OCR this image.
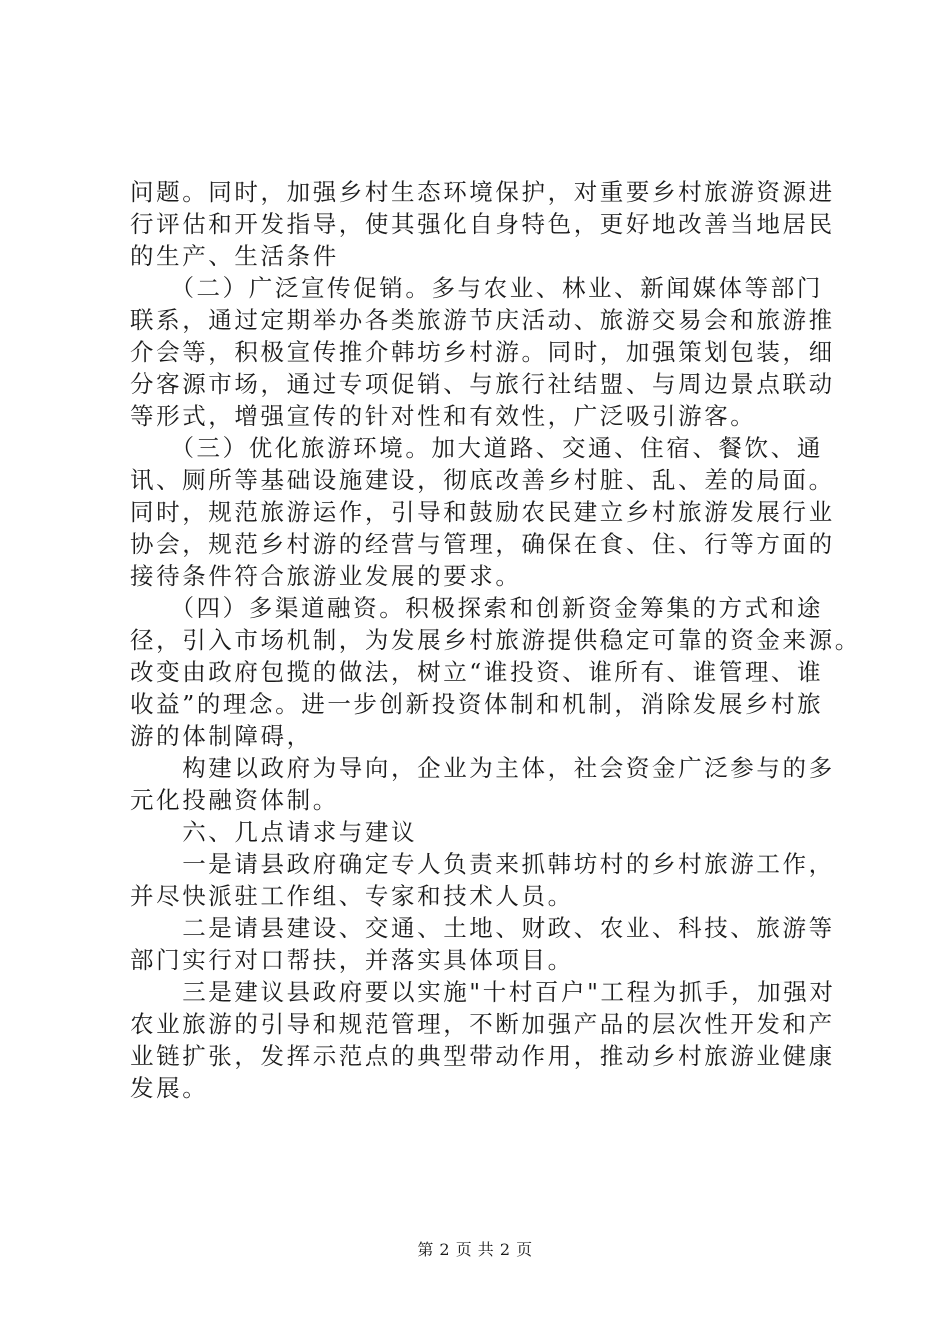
问题。同时，加强乡村生态环境保护，对重要乡村旅游资源进
行评估和开发指导，使其强化自身特色，更好地改善当地居民
的生产、生活条件
　　（二）广泛宣传促销。多与农业、林业、新闻媒体等部门
联系，通过定期举办各类旅游节庆活动、旅游交易会和旅游推
介会等，积极宣传推介韩坊乡村游。同时，加强策划包装，细
分客源市场，通过专项促销、与旅行社结盟、与周边景点联动
等形式，增强宣传的针对性和有效性，广泛吸引游客。
　　（三）优化旅游环境。加大道路、交通、住宿、餐饮、通
讯、厕所等基础设施建设，彻底改善乡村脏、乱、差的局面。
同时，规范旅游运作，引导和鼓励农民建立乡村旅游发展行业
协会，规范乡村游的经营与管理，确保在食、住、行等方面的
接待条件符合旅游业发展的要求。
　　（四）多渠道融资。积极探索和创新资金筹集的方式和途
径，引入市场机制，为发展乡村旅游提供稳定可靠的资金来源。
改变由政府包揽的做法，树立“谁投资、谁所有、谁管理、谁
收益”的理念。进一步创新投资体制和机制，消除发展乡村旅
游的体制障碍，
　　构建以政府为导向，企业为主体，社会资金广泛参与的多
元化投融资体制。
　　六、几点请求与建议
　　一是请县政府确定专人负责来抓韩坊村的乡村旅游工作，
并尽快派驻工作组、专家和技术人员。
　　二是请县建设、交通、土地、财政、农业、科技、旅游等
部门实行对口帮扶，并落实具体项目。
　　三是建议县政府要以实施"十村百户"工程为抓手，加强对
农业旅游的引导和规范管理，不断加强产品的层次性开发和产
业链扩张，发挥示范点的典型带动作用，推动乡村旅游业健康
发展。
第 2 页 共 2 页
